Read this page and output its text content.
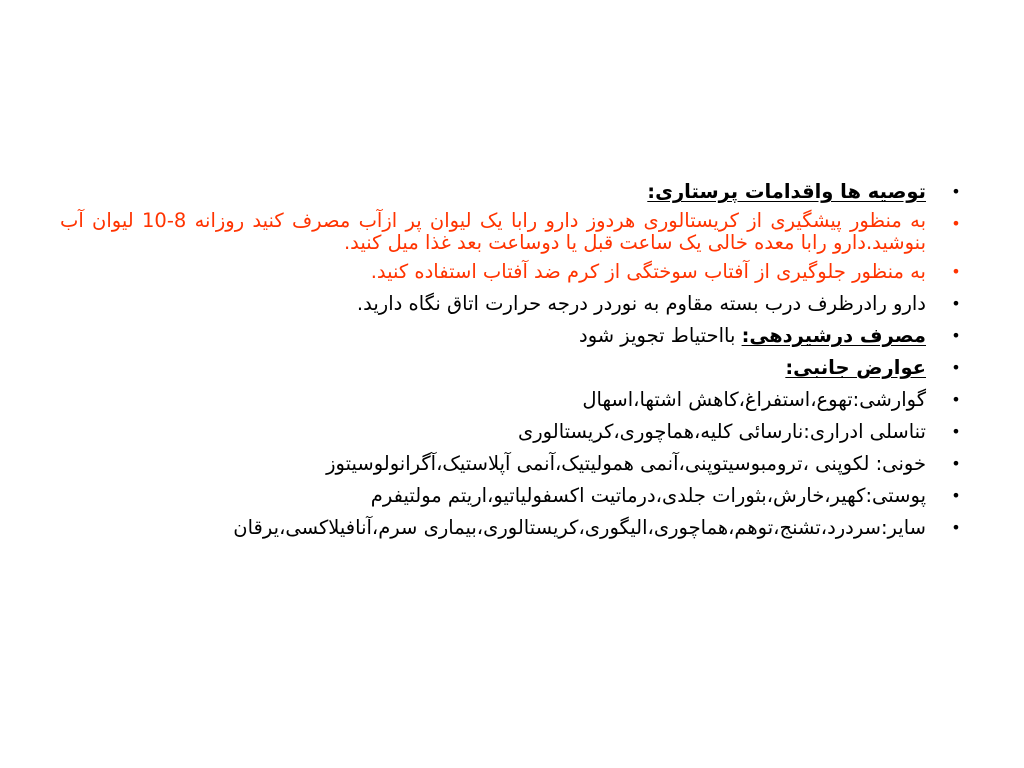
•
توصیه ها واقدامات پرستاری:
•
به منظور پیشگیری از کریستالوری هردوز دارو رابا یک لیوان پر ازآب مصرف کنید روزانه 8-10 لیوان آب بنوشید.دارو رابا معده خالی یک ساعت قبل یا دوساعت بعد غذا میل کنید.
•
به منظور جلوگیری از آفتاب سوختگی از کرم ضد آفتاب استفاده کنید.
•
دارو رادرظرف درب بسته مقاوم به نوردر درجه حرارت اتاق نگاه دارید.
•
مصرف درشیردهی: بااحتیاط تجویز شود
•
عوارض جانبی:
•
گوارشی:تهوع،استفراغ،کاهش اشتها،اسهال
•
تناسلی ادراری:نارسائی کلیه،هماچوری،کریستالوری
•
خونی: لکوپنی ،ترومبوسیتوپنی،آنمی همولیتیک،آنمی آپلاستیک،آگرانولوسیتوز
•
پوستی:کهیر،خارش،بثورات جلدی،درماتیت اکسفولیاتیو،اریتم مولتیفرم
•
سایر:سردرد،تشنج،توهم،هماچوری،الیگوری،کریستالوری،بیماری سرم،آنافیلاکسی،یرقان
